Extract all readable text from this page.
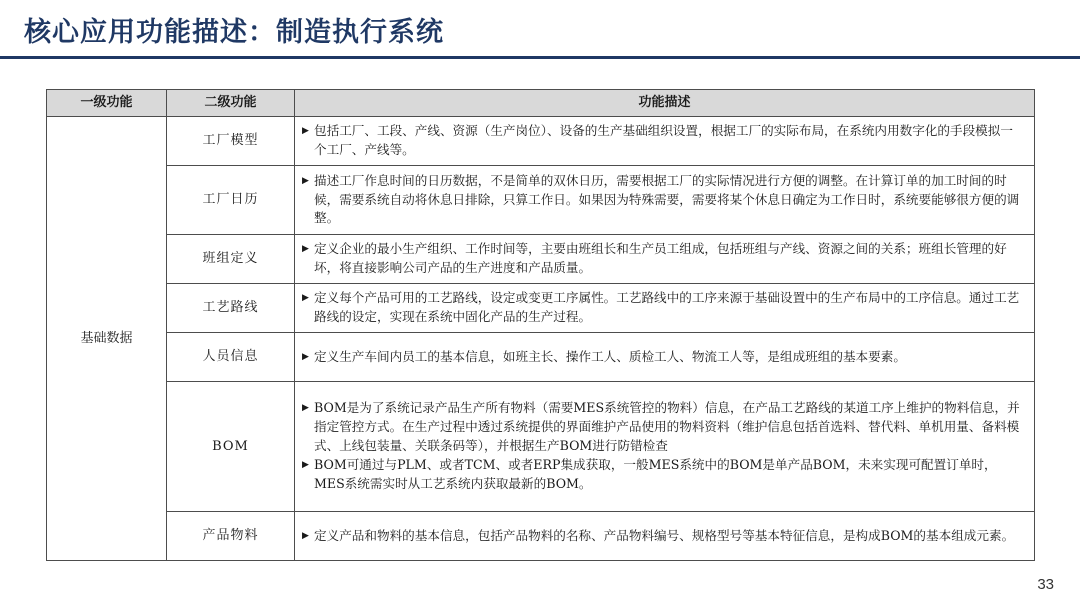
核心应用功能描述：制造执行系统
一级功能	二级功能	功能描述
基础数据	工厂模型	▶ 包括工厂、工段、产线、资源（生产岗位）、设备的生产基础组织设置，根据工厂的实际布局，在系统内用数字化的手段模拟一个工厂、产线等。

	工厂日历	▶ 描述工厂作息时间的日历数据，不是简单的双休日历，需要根据工厂的实际情况进行方便的调整。在计算订单的加工时间的时候，需要系统自动将休息日排除，只算工作日。如果因为特殊需要，需要将某个休息日确定为工作日时，系统要能够很方便的调整。

	班组定义	▶ 定义企业的最小生产组织、工作时间等，主要由班组长和生产员工组成，包括班组与产线、资源之间的关系；班组长管理的好坏，将直接影响公司产品的生产进度和产品质量。

	工艺路线	▶ 定义每个产品可用的工艺路线，设定或变更工序属性。工艺路线中的工序来源于基础设置中的生产布局中的工序信息。通过工艺路线的设定，实现在系统中固化产品的生产过程。

	人员信息	▶ 定义生产车间内员工的基本信息，如班主长、操作工人、质检工人、物流工人等，是组成班组的基本要素。

	BOM	▶ BOM是为了系统记录产品生产所有物料（需要MES系统管控的物料）信息，在产品工艺路线的某道工序上维护的物料信息，并指定管控方式。在生产过程中透过系统提供的界面维护产品使用的物料资料（维护信息包括首选料、替代料、单机用量、备料模式、上线包装量、关联条码等），并根据生产BOM进行防错检查
▶ BOM可通过与PLM、或者TCM、或者ERP集成获取，一般MES系统中的BOM是单产品BOM，未来实现可配置订单时，MES系统需实时从工艺系统内获取最新的BOM。

	产品物料	▶ 定义产品和物料的基本信息，包括产品物料的名称、产品物料编号、规格型号等基本特征信息，是构成BOM的基本组成元素。
33
